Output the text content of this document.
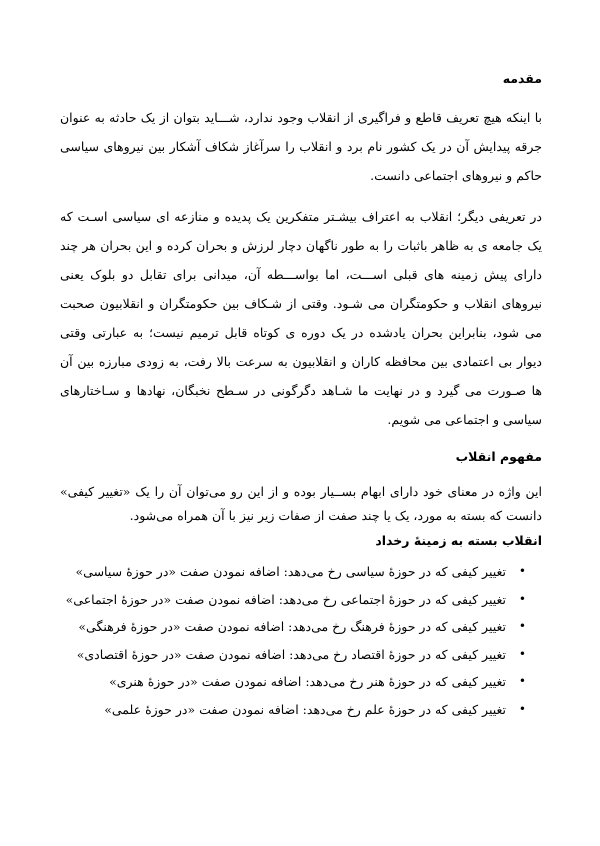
مقدمه

با اینکه هیچ تعریف قاطع و فراگیری از انقلاب وجود ندارد، شـــاید بتوان از یک حادثه به عنوان جرقه پیدایش آن در یک کشور نام برد و انقلاب را سرآغاز شکاف آشکار بین نیروهای سیاسی حاکم و نیروهای اجتماعی دانست.

در تعریفی دیگر؛ انقلاب به اعتراف بیشـتر متفکرین یک پدیده و منازعه ای سیاسی اسـت که یک جامعه ی به ظاهر باثبات را به طور ناگهان دچار لرزش و بحران کرده و این بحران هر چند دارای پیش زمینه های قبلی اســـت، اما بواســـطه آن، میدانی برای تقابل دو بلوک یعنی نیروهای انقلاب و حکومتگران می شـود. وقتی از شـکاف بین حکومتگران و انقلابیون صحبت می شود، بنابراین بحران یادشده در یک دوره ی کوتاه قابل ترمیم نیست؛ به عبارتی وقتی دیوار بی اعتمادی بین محافظه کاران و انقلابیون به سرعت بالا رفت، به زودی مبارزه بین آن ها صـورت می گیرد و در نهایت ما شـاهد دگرگونی در سـطح نخبگان، نهادها و سـاختارهای سیاسی و اجتماعی می شویم.

مفهوم انقلاب

این واژه در معنای خود دارای ابهام بســیار بوده و از این رو می‌توان آن را یک «تغییر کیفی» دانست که بسته به مورد، یک یا چند صفت از صفات زیر نیز با آن همراه می‌شود.

انقلاب بسته به زمینهٔ رخداد
•
تغییر کیفی که در حوزهٔ سیاسی رخ می‌دهد: اضافه نمودن صفت «در حوزهٔ سیاسی»
•
تغییر کیفی که در حوزهٔ اجتماعی رخ می‌دهد: اضافه نمودن صفت «در حوزهٔ اجتماعی»
•
تغییر کیفی که در حوزهٔ فرهنگ رخ می‌دهد: اضافه نمودن صفت «در حوزهٔ فرهنگی»
•
تغییر کیفی که در حوزهٔ اقتصاد رخ می‌دهد: اضافه نمودن صفت «در حوزهٔ اقتصادی»
•
تغییر کیفی که در حوزهٔ هنر رخ می‌دهد: اضافه نمودن صفت «در حوزهٔ هنری»
•
تغییر کیفی که در حوزهٔ علم رخ می‌دهد: اضافه نمودن صفت «در حوزهٔ علمی»
